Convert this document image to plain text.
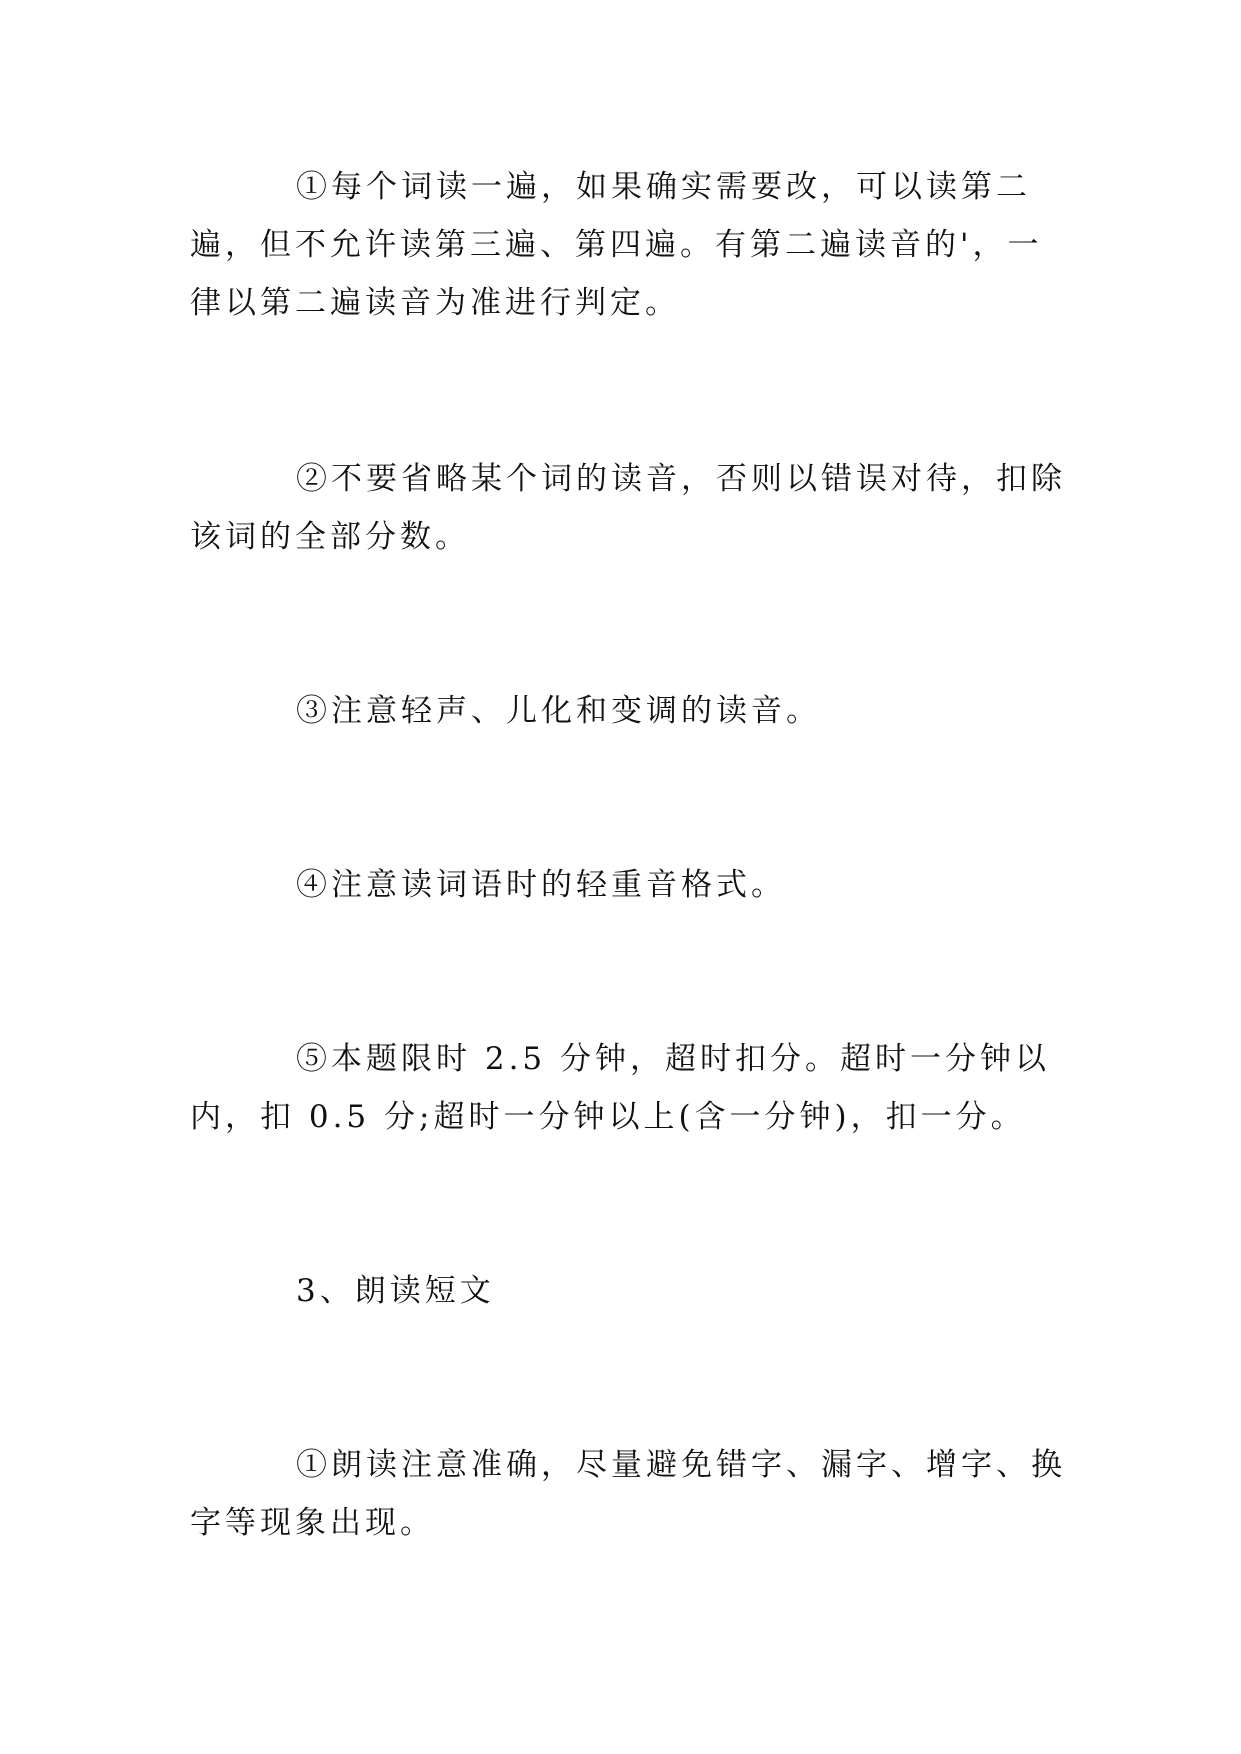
①每个词读一遍，如果确实需要改，可以读第二遍，但不允许读第三遍、第四遍。有第二遍读音的'，一律以第二遍读音为准进行判定。

②不要省略某个词的读音，否则以错误对待，扣除该词的全部分数。

③注意轻声、儿化和变调的读音。

④注意读词语时的轻重音格式。

⑤本题限时 2.5 分钟，超时扣分。超时一分钟以内，扣 0.5 分;超时一分钟以上(含一分钟)，扣一分。

3、朗读短文

①朗读注意准确，尽量避免错字、漏字、增字、换字等现象出现。
